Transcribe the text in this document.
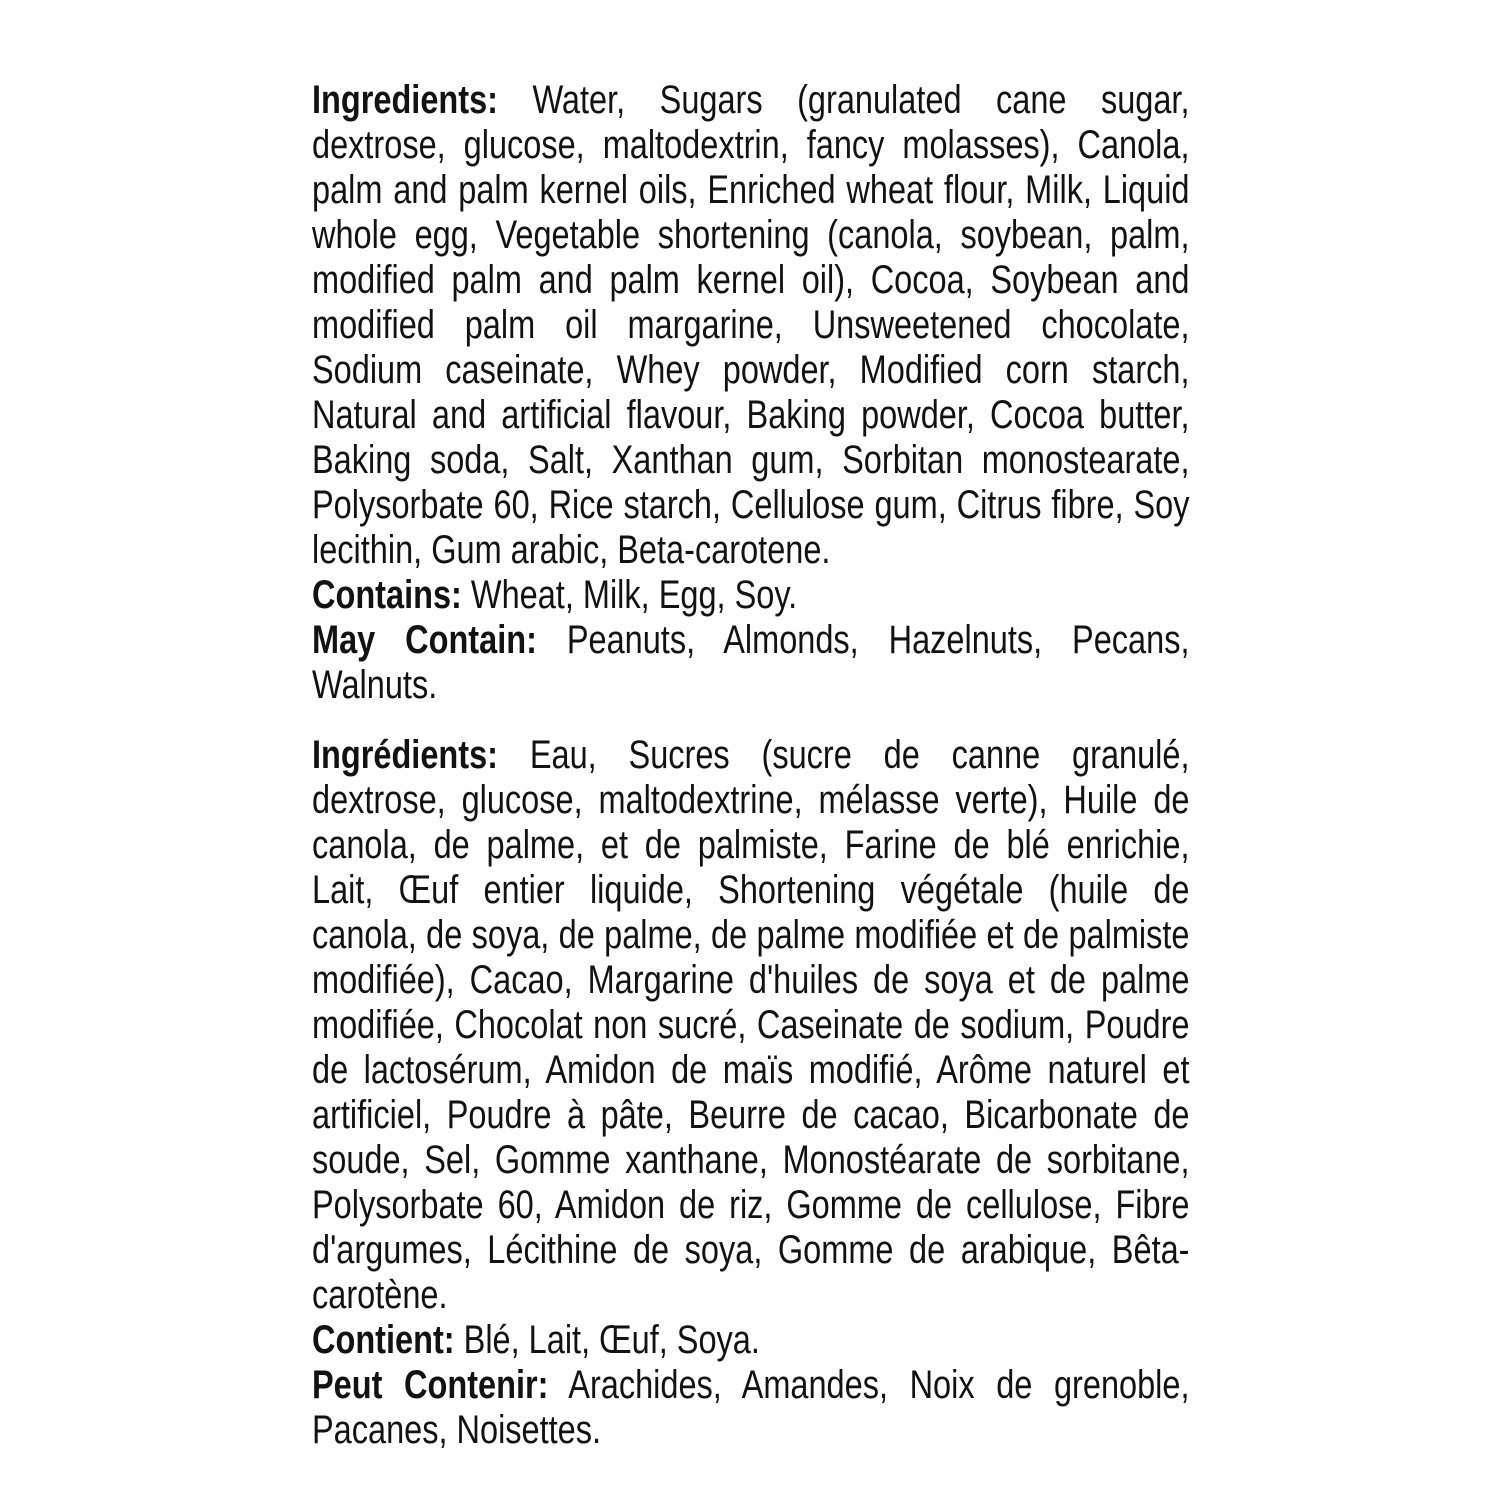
Ingredients: Water, Sugars (granulated cane sugar, dextrose, glucose, maltodextrin, fancy molasses), Canola, palm and palm kernel oils, Enriched wheat flour, Milk, Liquid whole egg, Vegetable shortening (canola, soybean, palm, modified palm and palm kernel oil), Cocoa, Soybean and modified palm oil margarine, Unsweetened chocolate, Sodium caseinate, Whey powder, Modified corn starch, Natural and artificial flavour, Baking powder, Cocoa butter, Baking soda, Salt, Xanthan gum, Sorbitan monostearate, Polysorbate 60, Rice starch, Cellulose gum, Citrus fibre, Soy lecithin, Gum arabic, Beta-carotene.

Contains: Wheat, Milk, Egg, Soy.

May Contain: Peanuts, Almonds, Hazelnuts, Pecans, Walnuts.

Ingrédients: Eau, Sucres (sucre de canne granulé, dextrose, glucose, maltodextrine, mélasse verte), Huile de canola, de palme, et de palmiste, Farine de blé enrichie, Lait, Œuf entier liquide, Shortening végétale (huile de canola, de soya, de palme, de palme modifiée et de palmiste modifiée), Cacao, Margarine d'huiles de soya et de palme modifiée, Chocolat non sucré, Caseinate de sodium, Poudre de lactosérum, Amidon de maïs modifié, Arôme naturel et artificiel, Poudre à pâte, Beurre de cacao, Bicarbonate de soude, Sel, Gomme xanthane, Monostéarate de sorbitane, Polysorbate 60, Amidon de riz, Gomme de cellulose, Fibre d'argumes, Lécithine de soya, Gomme de arabique, Bêta-carotène.

Contient: Blé, Lait, Œuf, Soya.

Peut Contenir: Arachides, Amandes, Noix de grenoble, Pacanes, Noisettes.
